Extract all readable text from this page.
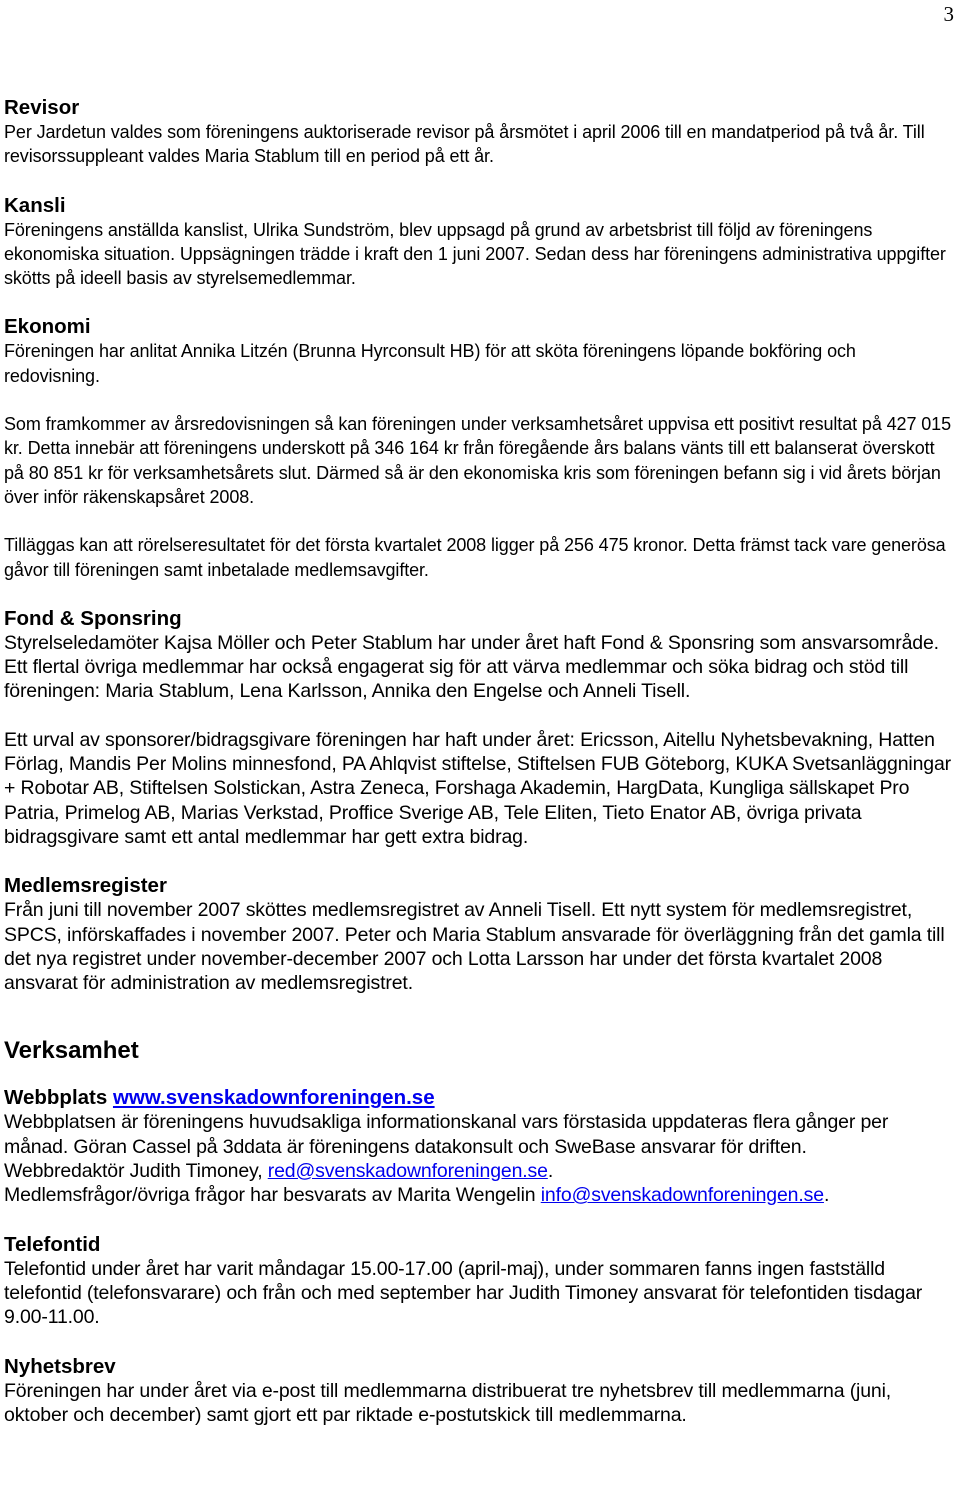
3
Revisor

Per Jardetun valdes som föreningens auktoriserade revisor på årsmötet i april 2006 till en mandatperiod på två år. Till revisorssuppleant valdes Maria Stablum till en period på ett år.

Kansli

Föreningens anställda kanslist, Ulrika Sundström, blev uppsagd på grund av arbetsbrist till följd av föreningens ekonomiska situation. Uppsägningen trädde i kraft den 1 juni 2007. Sedan dess har föreningens administrativa uppgifter skötts på ideell basis av styrelsemedlemmar.

Ekonomi

Föreningen har anlitat Annika Litzén (Brunna Hyrconsult HB) för att sköta föreningens löpande bokföring och redovisning.

Som framkommer av årsredovisningen så kan föreningen under verksamhetsåret uppvisa ett positivt resultat på 427 015 kr. Detta innebär att föreningens underskott på 346 164 kr från föregående års balans vänts till ett balanserat överskott på 80 851 kr för verksamhetsårets slut. Därmed så är den ekonomiska kris som föreningen befann sig i vid årets början över inför räkenskapsåret 2008.

Tilläggas kan att rörelseresultatet för det första kvartalet 2008 ligger på 256 475 kronor. Detta främst tack vare generösa gåvor till föreningen samt inbetalade medlemsavgifter.

Fond & Sponsring

Styrelseledamöter Kajsa Möller och Peter Stablum har under året haft Fond & Sponsring som ansvarsområde. Ett flertal övriga medlemmar har också engagerat sig för att värva medlemmar och söka bidrag och stöd till föreningen: Maria Stablum, Lena Karlsson, Annika den Engelse och Anneli Tisell.

Ett urval av sponsorer/bidragsgivare föreningen har haft under året: Ericsson, Aitellu Nyhetsbevakning, Hatten Förlag, Mandis Per Molins minnesfond, PA Ahlqvist stiftelse, Stiftelsen FUB Göteborg, KUKA Svetsanläggningar + Robotar AB, Stiftelsen Solstickan, Astra Zeneca, Forshaga Akademin, HargData, Kungliga sällskapet Pro Patria, Primelog AB, Marias Verkstad, Proffice Sverige AB, Tele Eliten, Tieto Enator AB, övriga privata bidragsgivare samt ett antal medlemmar har gett extra bidrag.

Medlemsregister

Från juni till november 2007 sköttes medlemsregistret av Anneli Tisell. Ett nytt system för medlemsregistret, SPCS, införskaffades i november 2007. Peter och Maria Stablum ansvarade för överläggning från det gamla till det nya registret under november-december 2007 och Lotta Larsson har under det första kvartalet 2008 ansvarat för administration av medlemsregistret.

Verksamhet
Webbplats www.svenskadownforeningen.se

Webbplatsen är föreningens huvudsakliga informationskanal vars förstasida uppdateras flera gånger per månad. Göran Cassel på 3ddata är föreningens datakonsult och SweBase ansvarar för driften.

Webbredaktör Judith Timoney, red@svenskadownforeningen.se.

Medlemsfrågor/övriga frågor har besvarats av Marita Wengelin info@svenskadownforeningen.se.

Telefontid

Telefontid under året har varit måndagar 15.00-17.00 (april-maj), under sommaren fanns ingen fastställd telefontid (telefonsvarare) och från och med september har Judith Timoney ansvarat för telefontiden tisdagar 9.00-11.00.

Nyhetsbrev

Föreningen har under året via e-post till medlemmarna distribuerat tre nyhetsbrev till medlemmarna (juni, oktober och december) samt gjort ett par riktade e-postutskick till medlemmarna.
